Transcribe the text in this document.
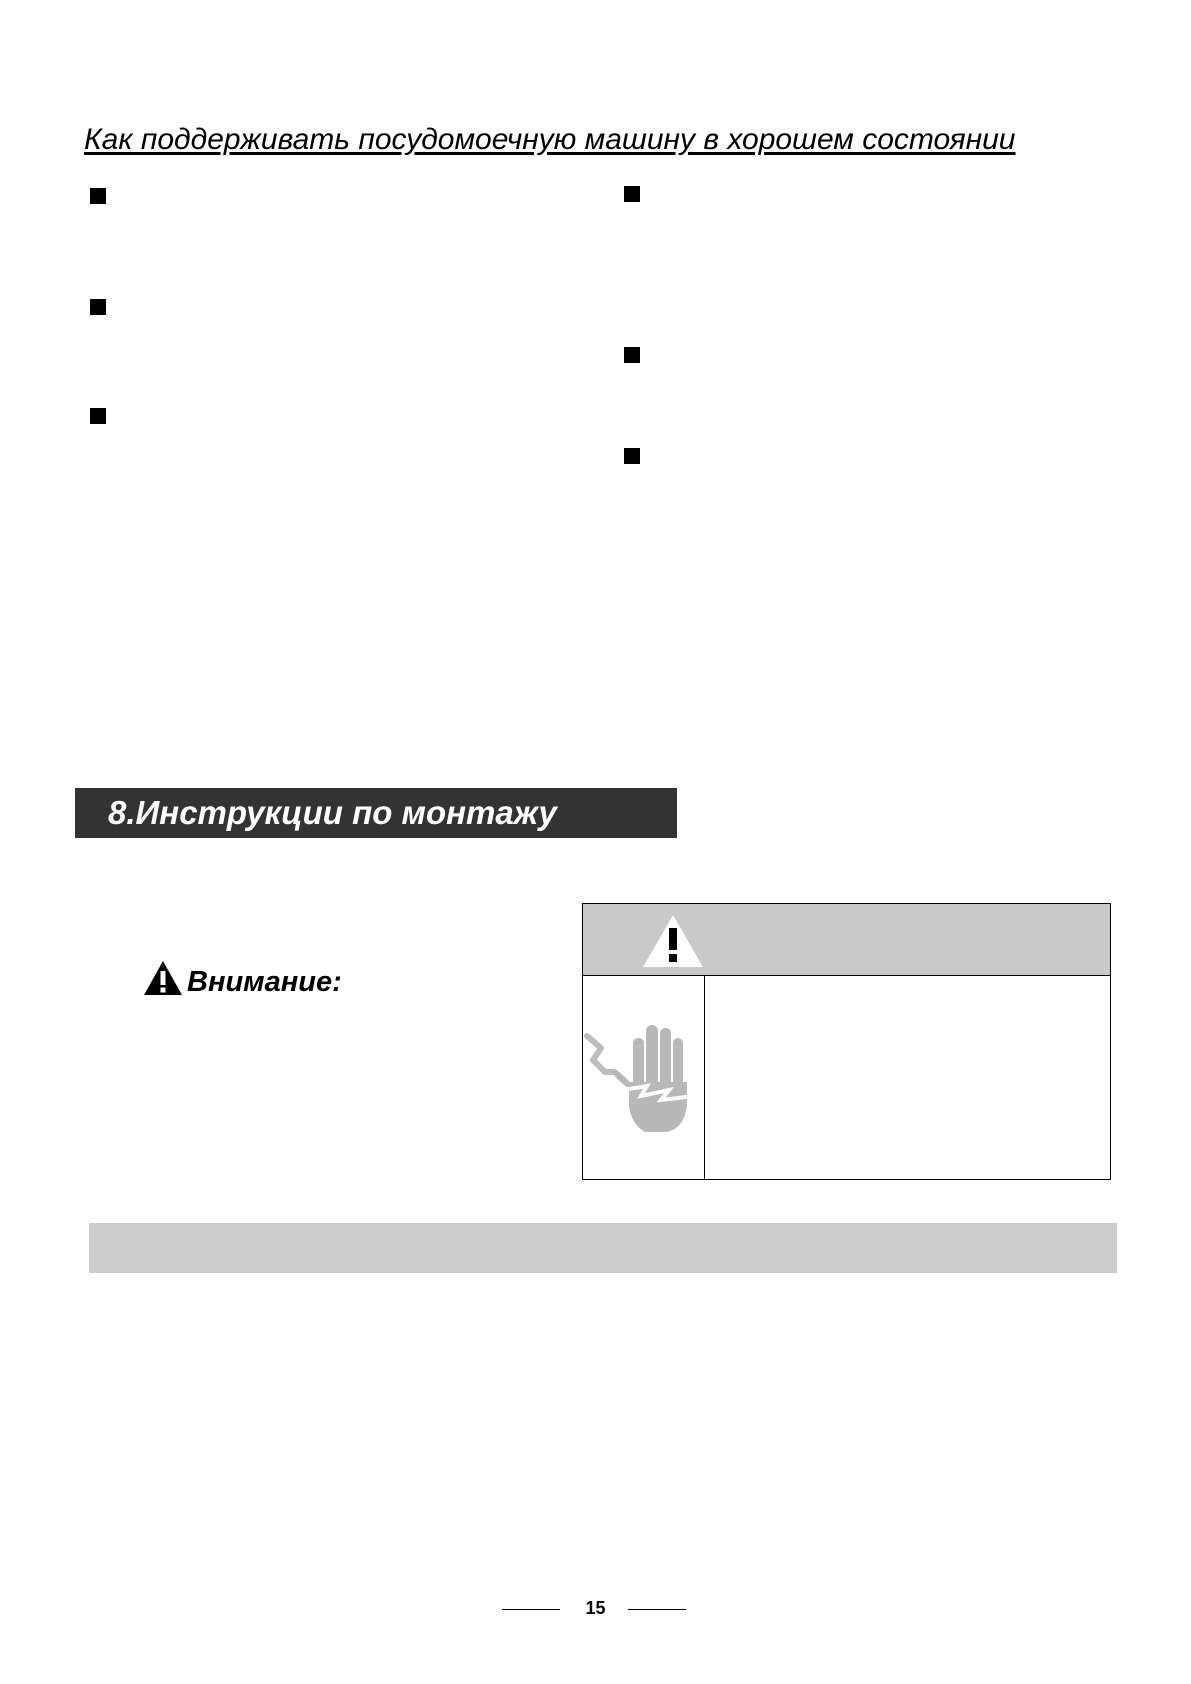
Как поддерживать посудомоечную машину в хорошем состоянии
8.Инструкции по монтажу
Внимание:
15
